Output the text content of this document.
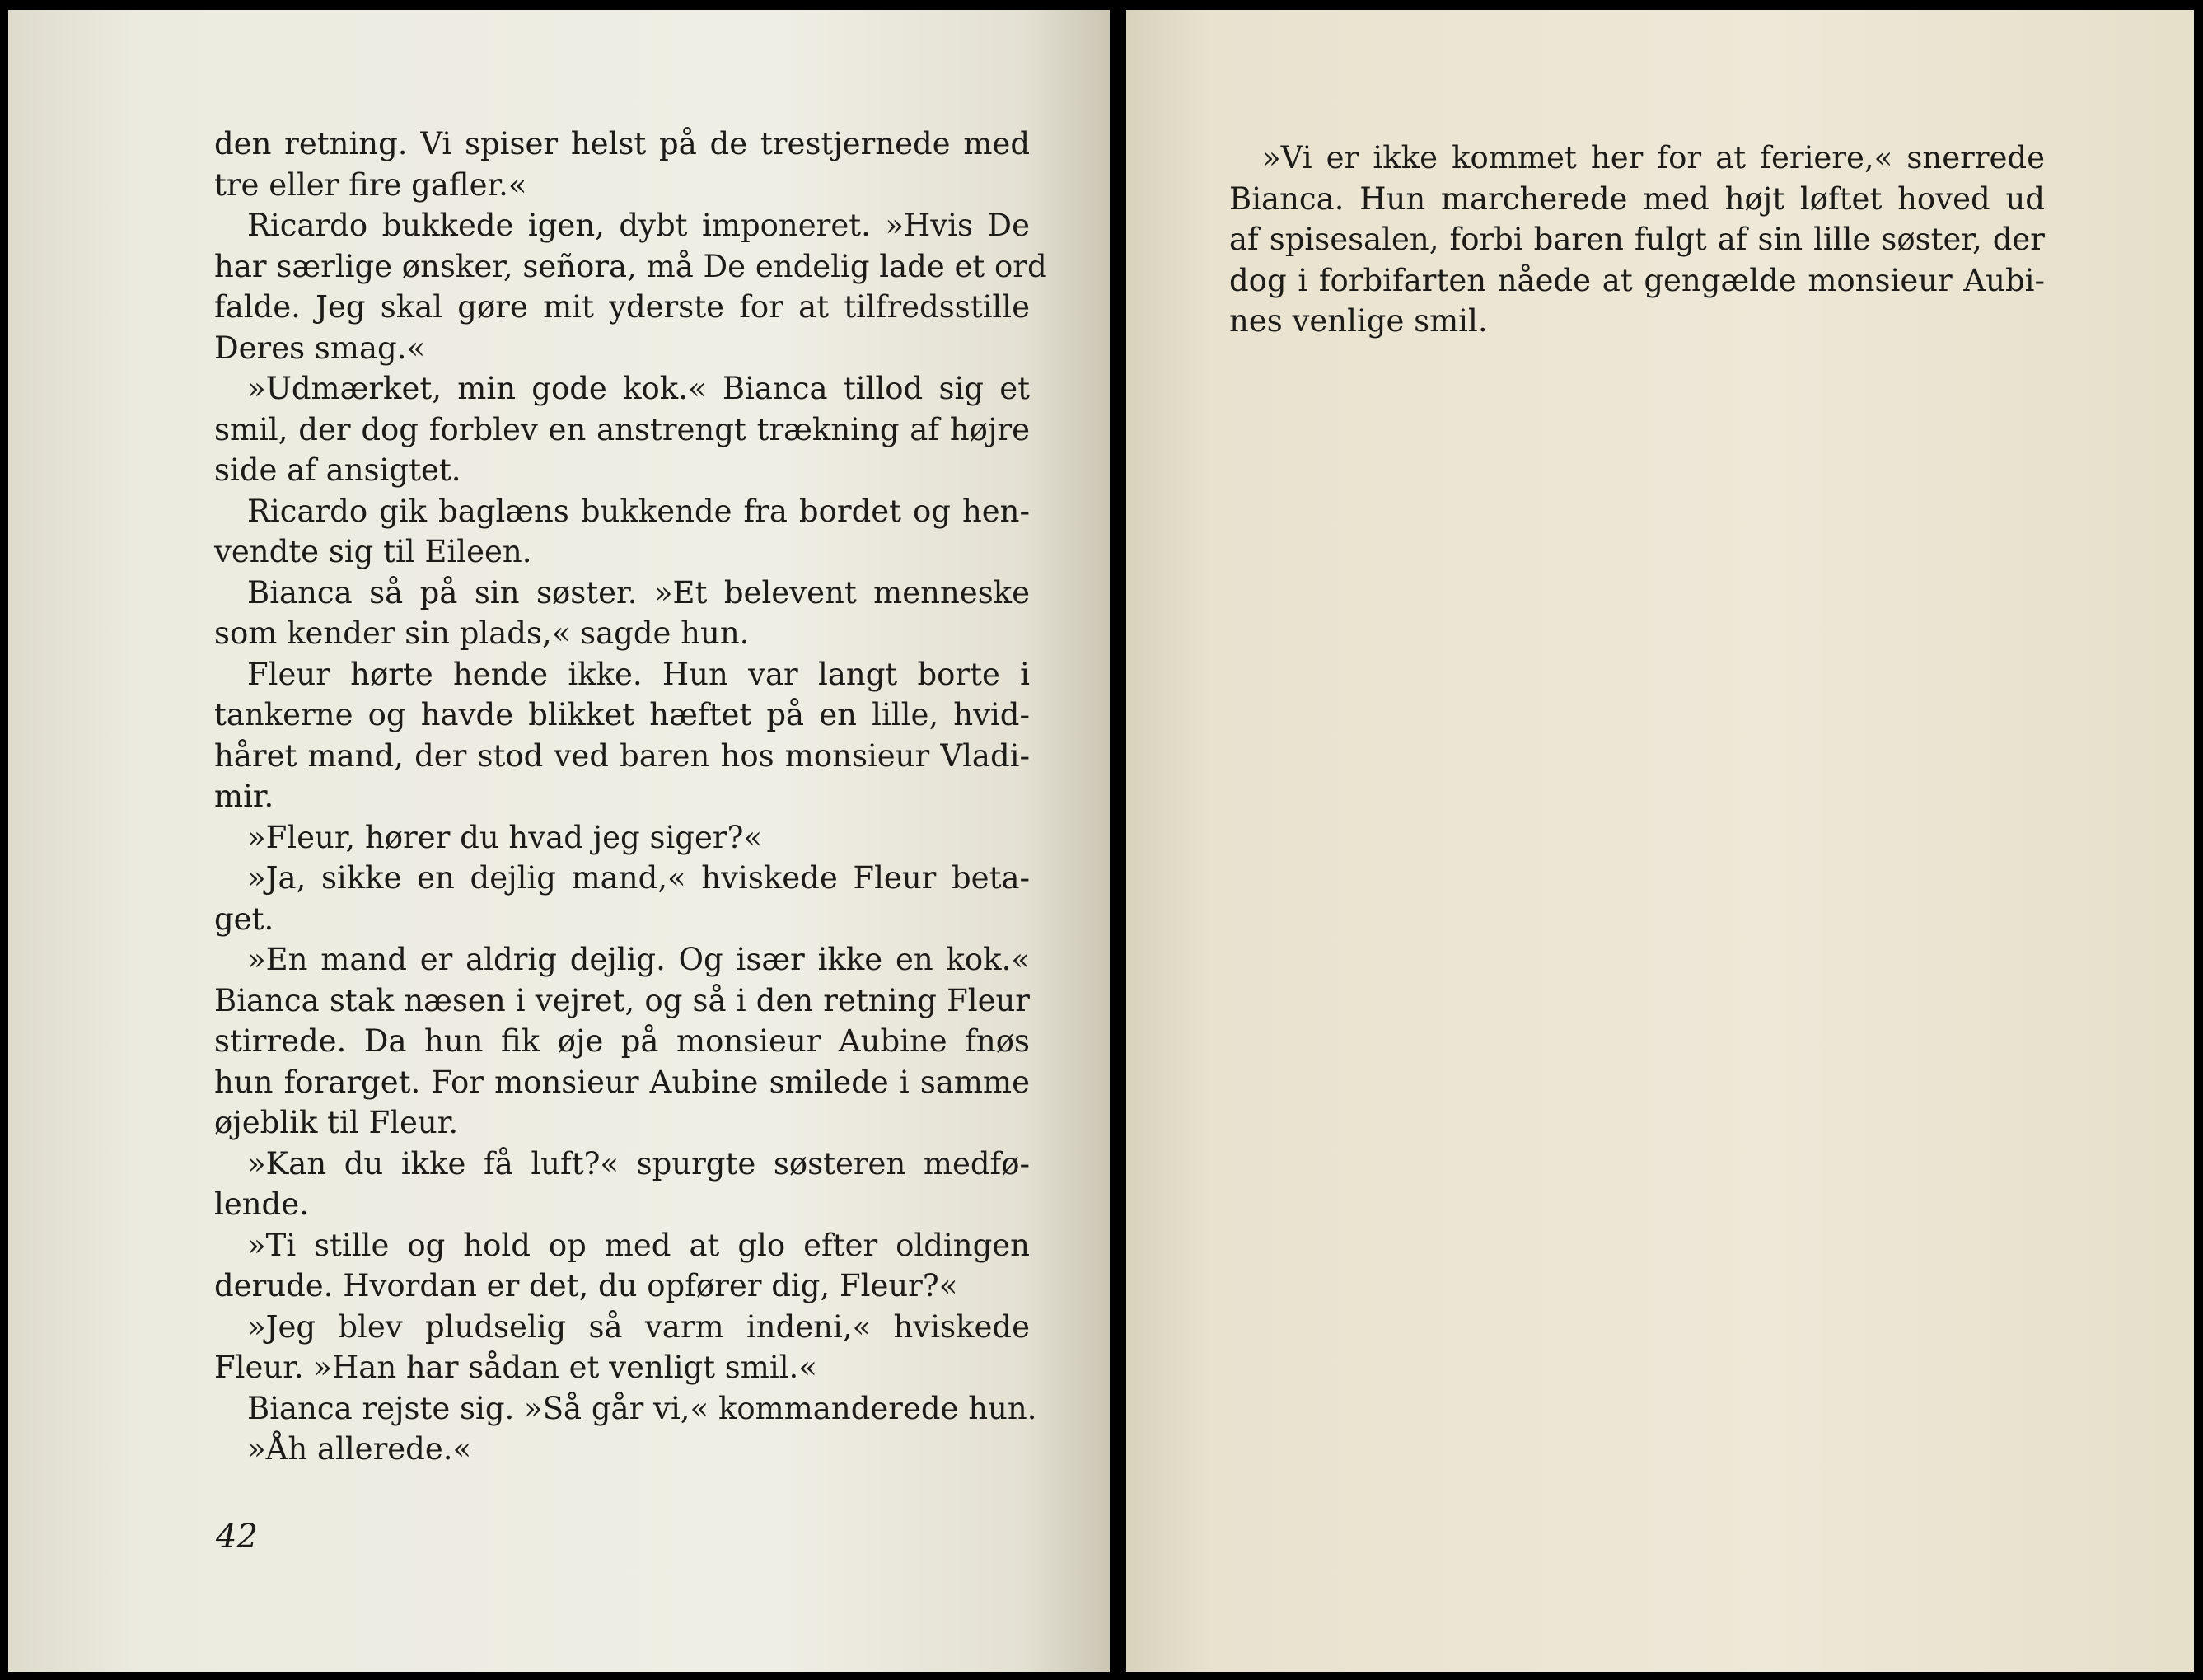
den retning. Vi spiser helst på de trestjernede med
tre eller fire gafler.«
Ricardo bukkede igen, dybt imponeret. »Hvis De
har særlige ønsker, señora, må De endelig lade et ord
falde. Jeg skal gøre mit yderste for at tilfredsstille
Deres smag.«
»Udmærket, min gode kok.« Bianca tillod sig et
smil, der dog forblev en anstrengt trækning af højre
side af ansigtet.
Ricardo gik baglæns bukkende fra bordet og hen-
vendte sig til Eileen.
Bianca så på sin søster. »Et belevent menneske
som kender sin plads,« sagde hun.
Fleur hørte hende ikke. Hun var langt borte i
tankerne og havde blikket hæftet på en lille, hvid-
håret mand, der stod ved baren hos monsieur Vladi-
mir.
»Fleur, hører du hvad jeg siger?«
»Ja, sikke en dejlig mand,« hviskede Fleur beta-
get.
»En mand er aldrig dejlig. Og især ikke en kok.«
Bianca stak næsen i vejret, og så i den retning Fleur
stirrede. Da hun fik øje på monsieur Aubine fnøs
hun forarget. For monsieur Aubine smilede i samme
øjeblik til Fleur.
»Kan du ikke få luft?« spurgte søsteren medfø-
lende.
»Ti stille og hold op med at glo efter oldingen
derude. Hvordan er det, du opfører dig, Fleur?«
»Jeg blev pludselig så varm indeni,« hviskede
Fleur. »Han har sådan et venligt smil.«
Bianca rejste sig. »Så går vi,« kommanderede hun.
»Åh allerede.«
42
»Vi er ikke kommet her for at feriere,« snerrede
Bianca. Hun marcherede med højt løftet hoved ud
af spisesalen, forbi baren fulgt af sin lille søster, der
dog i forbifarten nåede at gengælde monsieur Aubi-
nes venlige smil.
